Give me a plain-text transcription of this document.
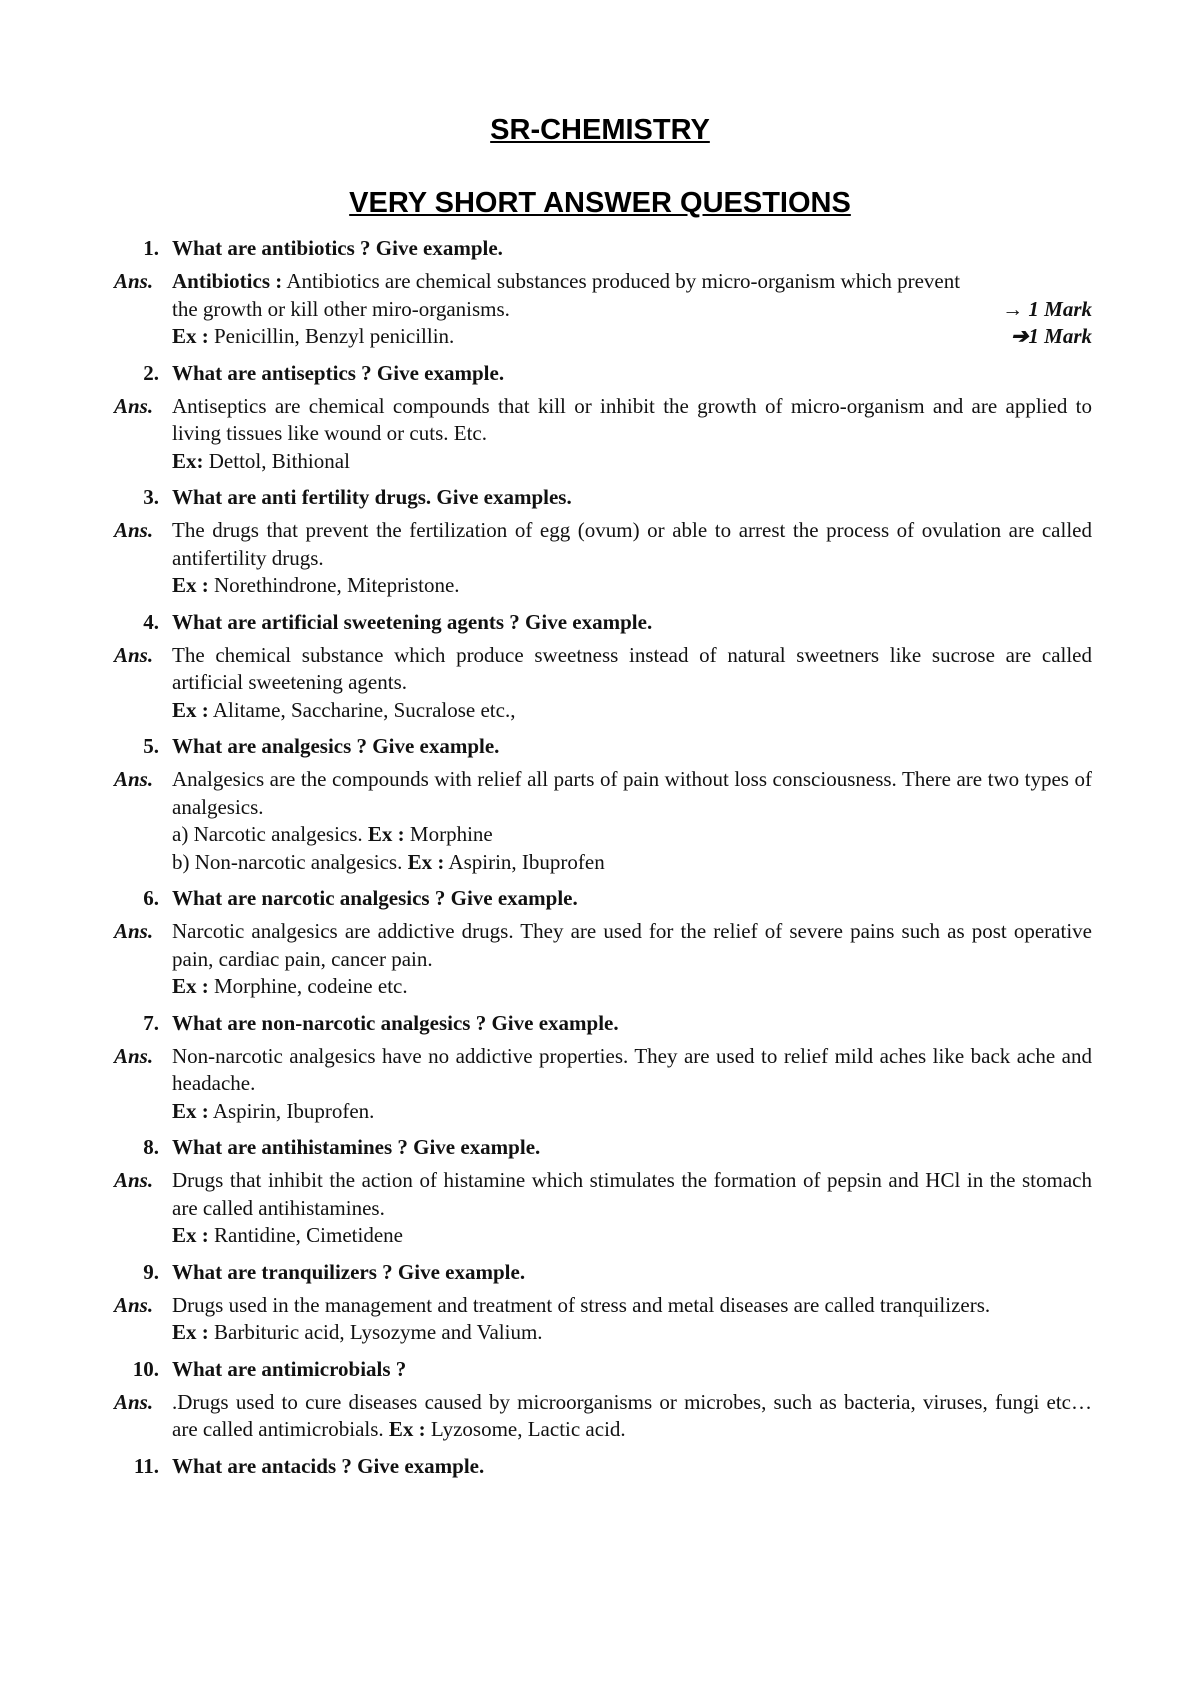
SR-CHEMISTRY
VERY SHORT ANSWER QUESTIONS
1. What are antibiotics ? Give example.
Ans. Antibiotics : Antibiotics are chemical substances produced by micro-organism which prevent

the growth or kill other miro-organisms.	→ 1 Mark
Ex : Penicillin, Benzyl penicillin.	➔1 Mark
2. What are antiseptics ? Give example.
Ans. Antiseptics are chemical compounds that kill or inhibit the growth of micro-organism and are applied to living tissues like wound or cuts. Etc.

Ex: Dettol, Bithional

3. What are anti fertility drugs. Give examples.
Ans. The drugs that prevent the fertilization of egg (ovum) or able to arrest the process of ovulation are called antifertility drugs.

Ex : Norethindrone, Mitepristone.

4. What are artificial sweetening agents ? Give example.
Ans. The chemical substance which produce sweetness instead of natural sweetners like sucrose are called artificial sweetening agents.

Ex : Alitame, Saccharine, Sucralose etc.,

5. What are analgesics ? Give example.
Ans. Analgesics are the compounds with relief all parts of pain without loss consciousness. There are two types of analgesics.

a) Narcotic analgesics. Ex : Morphine

b) Non-narcotic analgesics. Ex : Aspirin, Ibuprofen

6. What are narcotic analgesics ? Give example.
Ans. Narcotic analgesics are addictive drugs. They are used for the relief of severe pains such as post operative pain, cardiac pain, cancer pain.

Ex : Morphine, codeine etc.

7. What are non-narcotic analgesics ? Give example.
Ans. Non-narcotic analgesics have no addictive properties. They are used to relief mild aches like back ache and headache.

Ex : Aspirin, Ibuprofen.

8. What are antihistamines ? Give example.
Ans. Drugs that inhibit the action of histamine which stimulates the formation of pepsin and HCl in the stomach are called antihistamines.

Ex : Rantidine, Cimetidene

9. What are tranquilizers ? Give example.
Ans. Drugs used in the management and treatment of stress and metal diseases are called tranquilizers.

Ex : Barbituric acid, Lysozyme and Valium.

10. What are antimicrobials ?
Ans. .Drugs used to cure diseases caused by microorganisms or microbes, such as bacteria, viruses, fungi etc… are called antimicrobials. Ex : Lyzosome, Lactic acid.

11. What are antacids ? Give example.
